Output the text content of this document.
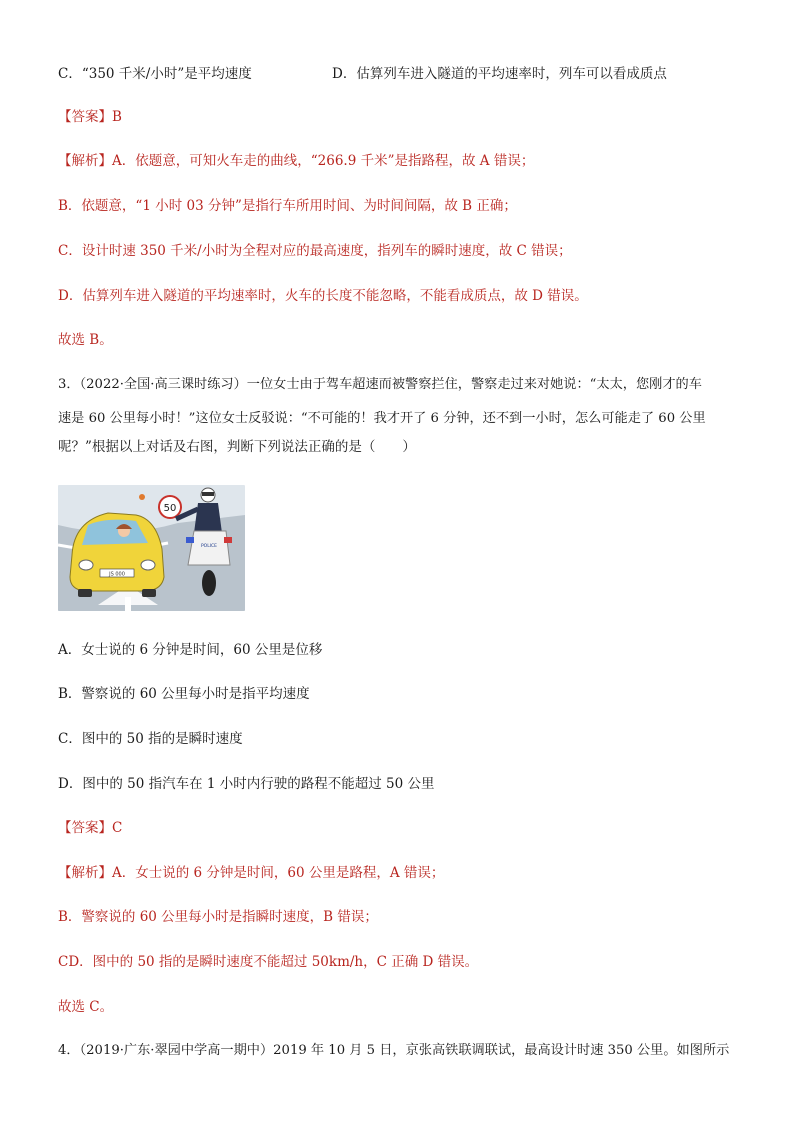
C．“350 千米/小时”是平均速度	D．估算列车进入隧道的平均速率时，列车可以看成质点
【答案】B
【解析】A．依题意，可知火车走的曲线，“266.9 千米”是指路程，故 A 错误；
B．依题意，“1 小时 03 分钟”是指行车所用时间、为时间间隔，故 B 正确；
C．设计时速 350 千米/小时为全程对应的最高速度，指列车的瞬时速度，故 C 错误；
D．估算列车进入隧道的平均速率时，火车的长度不能忽略，不能看成质点，故 D 错误。
故选 B。
3．（2022·全国·高三课时练习）一位女士由于驾车超速而被警察拦住，警察走过来对她说：“太太，您刚才的车
速是 60 公里每小时！”这位女士反驳说：“不可能的！我才开了 6 分钟，还不到一小时，怎么可能走了 60 公里
呢？”根据以上对话及右图，判断下列说法正确的是（　　）
50
JS 000
POLICE
A．女士说的 6 分钟是时间，60 公里是位移
B．警察说的 60 公里每小时是指平均速度
C．图中的 50 指的是瞬时速度
D．图中的 50 指汽车在 1 小时内行驶的路程不能超过 50 公里
【答案】C
【解析】A．女士说的 6 分钟是时间，60 公里是路程，A 错误；
B．警察说的 60 公里每小时是指瞬时速度，B 错误；
CD．图中的 50 指的是瞬时速度不能超过 50km/h，C 正确 D 错误。
故选 C。
4．（2019·广东·翠园中学高一期中）2019 年 10 月 5 日，京张高铁联调联试，最高设计时速 350 公里。如图所示
